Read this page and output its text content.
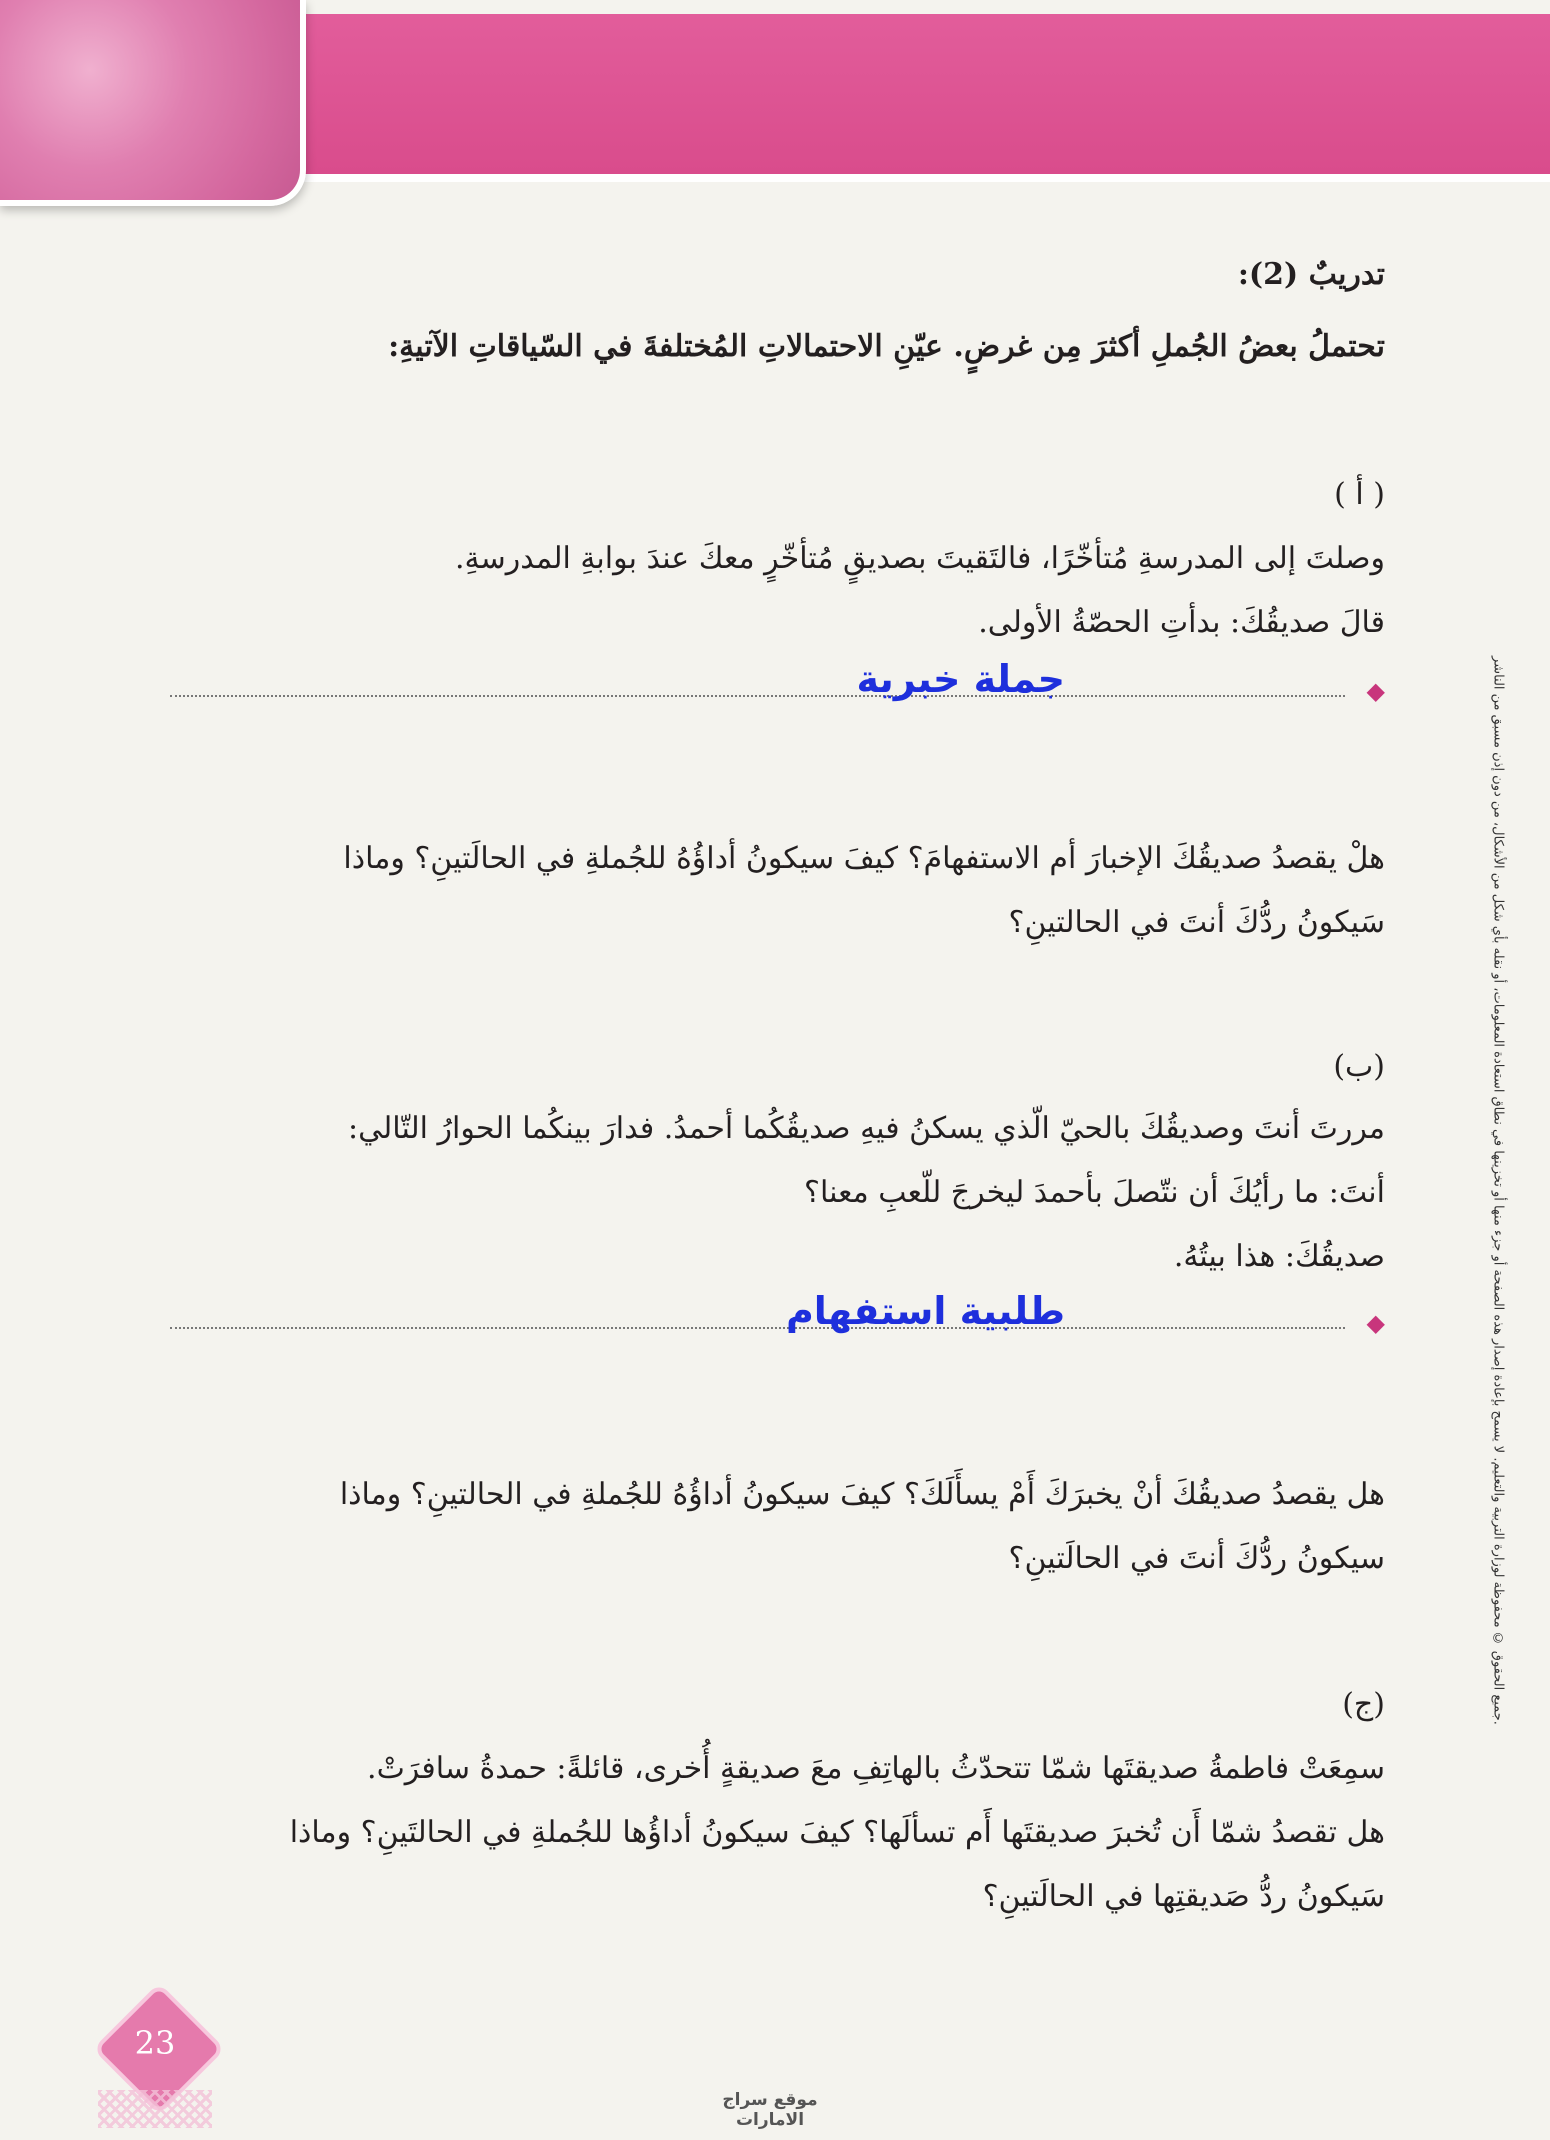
جميع الحقوق © محفوظة لوزارة التربية والتعليم. لا يسمح بإعادة إصدار هذه الصفحة أو جزء منها أو تخزينها في نطاق استعادة المعلومات، أو نقله بأي شكل من الأشكال، من دون إذن مسبق من الناشر.
تدريبٌ (2):
تحتملُ بعضُ الجُملِ أكثرَ مِن غرضٍ. عيّنِ الاحتمالاتِ المُختلفةَ في السّياقاتِ الآتيةِ:
( أ )
وصلتَ إلى المدرسةِ مُتأخّرًا، فالتَقيتَ بصديقٍ مُتأخّرٍ معكَ عندَ بوابةِ المدرسةِ.
قالَ صديقُكَ: بدأتِ الحصّةُ الأولى.
◆
جملة خبرية
هلْ يقصدُ صديقُكَ الإخبارَ أم الاستفهامَ؟ كيفَ سيكونُ أداؤُهُ للجُملةِ في الحالَتينِ؟ وماذا
سَيكونُ ردُّكَ أنتَ في الحالتينِ؟
(ب)
مررتَ أنتَ وصديقُكَ بالحيّ الّذي يسكنُ فيهِ صديقُكُما أحمدُ. فدارَ بينكُما الحوارُ التّالي:
أنتَ: ما رأيُكَ أن نتّصلَ بأحمدَ ليخرجَ للّعبِ معنا؟
صديقُكَ: هذا بيتُهُ.
◆
طلبية استفهام
هل يقصدُ صديقُكَ أنْ يخبرَكَ أَمْ يسأَلَكَ؟ كيفَ سيكونُ أداؤُهُ للجُملةِ في الحالتينِ؟ وماذا
سيكونُ ردُّكَ أنتَ في الحالَتينِ؟
(ج)
سمِعَتْ فاطمةُ صديقتَها شمّا تتحدّثُ بالهاتِفِ معَ صديقةٍ أُخرى، قائلةً: حمدةُ سافرَتْ.
هل تقصدُ شمّا أَن تُخبرَ صديقتَها أَم تسألَها؟ كيفَ سيكونُ أداؤُها للجُملةِ في الحالتَينِ؟ وماذا
سَيكونُ ردُّ صَديقتِها في الحالَتينِ؟
23
موقع سراج الامارات
